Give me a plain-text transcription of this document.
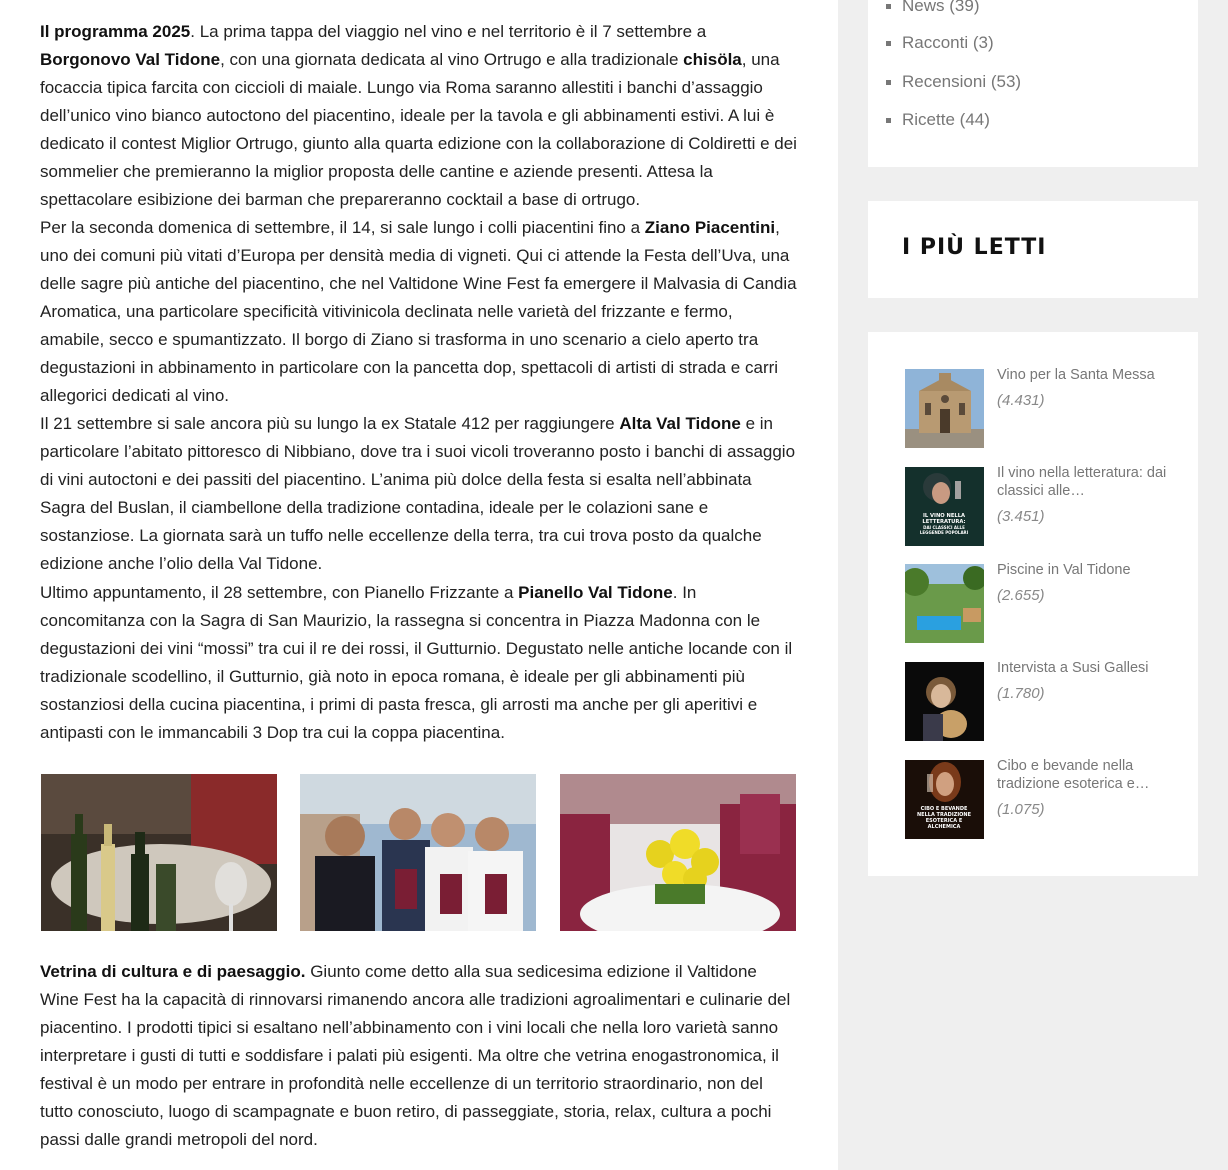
Il programma 2025. La prima tappa del viaggio nel vino e nel territorio è il 7 settembre a Borgonovo Val Tidone, con una giornata dedicata al vino Ortrugo e alla tradizionale chisöla, una focaccia tipica farcita con ciccioli di maiale. Lungo via Roma saranno allestiti i banchi d’assaggio dell’unico vino bianco autoctono del piacentino, ideale per la tavola e gli abbinamenti estivi. A lui è dedicato il contest Miglior Ortrugo, giunto alla quarta edizione con la collaborazione di Coldiretti e dei sommelier che premieranno la miglior proposta delle cantine e aziende presenti. Attesa la spettacolare esibizione dei barman che prepareranno cocktail a base di ortrugo.

Per la seconda domenica di settembre, il 14, si sale lungo i colli piacentini fino a Ziano Piacentini, uno dei comuni più vitati d’Europa per densità media di vigneti. Qui ci attende la Festa dell’Uva, una delle sagre più antiche del piacentino, che nel Valtidone Wine Fest fa emergere il Malvasia di Candia Aromatica, una particolare specificità vitivinicola declinata nelle varietà del frizzante e fermo, amabile, secco e spumantizzato. Il borgo di Ziano si trasforma in uno scenario a cielo aperto tra degustazioni in abbinamento in particolare con la pancetta dop, spettacoli di artisti di strada e carri allegorici dedicati al vino.

Il 21 settembre si sale ancora più su lungo la ex Statale 412 per raggiungere Alta Val Tidone e in particolare l’abitato pittoresco di Nibbiano, dove tra i suoi vicoli troveranno posto i banchi di assaggio di vini autoctoni e dei passiti del piacentino. L’anima più dolce della festa si esalta nell’abbinata Sagra del Buslan, il ciambellone della tradizione contadina, ideale per le colazioni sane e sostanziose. La giornata sarà un tuffo nelle eccellenze della terra, tra cui trova posto da qualche edizione anche l’olio della Val Tidone.

Ultimo appuntamento, il 28 settembre, con Pianello Frizzante a Pianello Val Tidone. In concomitanza con la Sagra di San Maurizio, la rassegna si concentra in Piazza Madonna con le degustazioni dei vini “mossi” tra cui il re dei rossi, il Gutturnio. Degustato nelle antiche locande con il tradizionale scodellino, il Gutturnio, già noto in epoca romana, è ideale per gli abbinamenti più sostanziosi della cucina piacentina, i primi di pasta fresca, gli arrosti ma anche per gli aperitivi e antipasti con le immancabili 3 Dop tra cui la coppa piacentina.

Vetrina di cultura e di paesaggio. Giunto come detto alla sua sedicesima edizione il Valtidone Wine Fest ha la capacità di rinnovarsi rimanendo ancora alle tradizioni agroalimentari e culinarie del piacentino. I prodotti tipici si esaltano nell’abbinamento con i vini locali che nella loro varietà sanno interpretare i gusti di tutti e soddisfare i palati più esigenti. Ma oltre che vetrina enogastronomica, il festival è un modo per entrare in profondità nelle eccellenze di un territorio straordinario, non del tutto conosciuto, luogo di scampagnate e buon retiro, di passeggiate, storia, relax, cultura a pochi passi dalle grandi metropoli del nord.

News (39)
Racconti (3)
Recensioni (53)
Ricette (44)
I PIÙ LETTI
Vino per la Santa Messa
(4.431)
IL VINO NELLA
LETTERATURA:
DAI CLASSICI ALLE
LEGGENDE POPOLARI
Il vino nella letteratura: dai classici alle…
(3.451)
Piscine in Val Tidone
(2.655)
Intervista a Susi Gallesi
(1.780)
CIBO E BEVANDE
NELLA TRADIZIONE
ESOTERICA E
ALCHEMICA
Cibo e bevande nella tradizione esoterica e…
(1.075)
